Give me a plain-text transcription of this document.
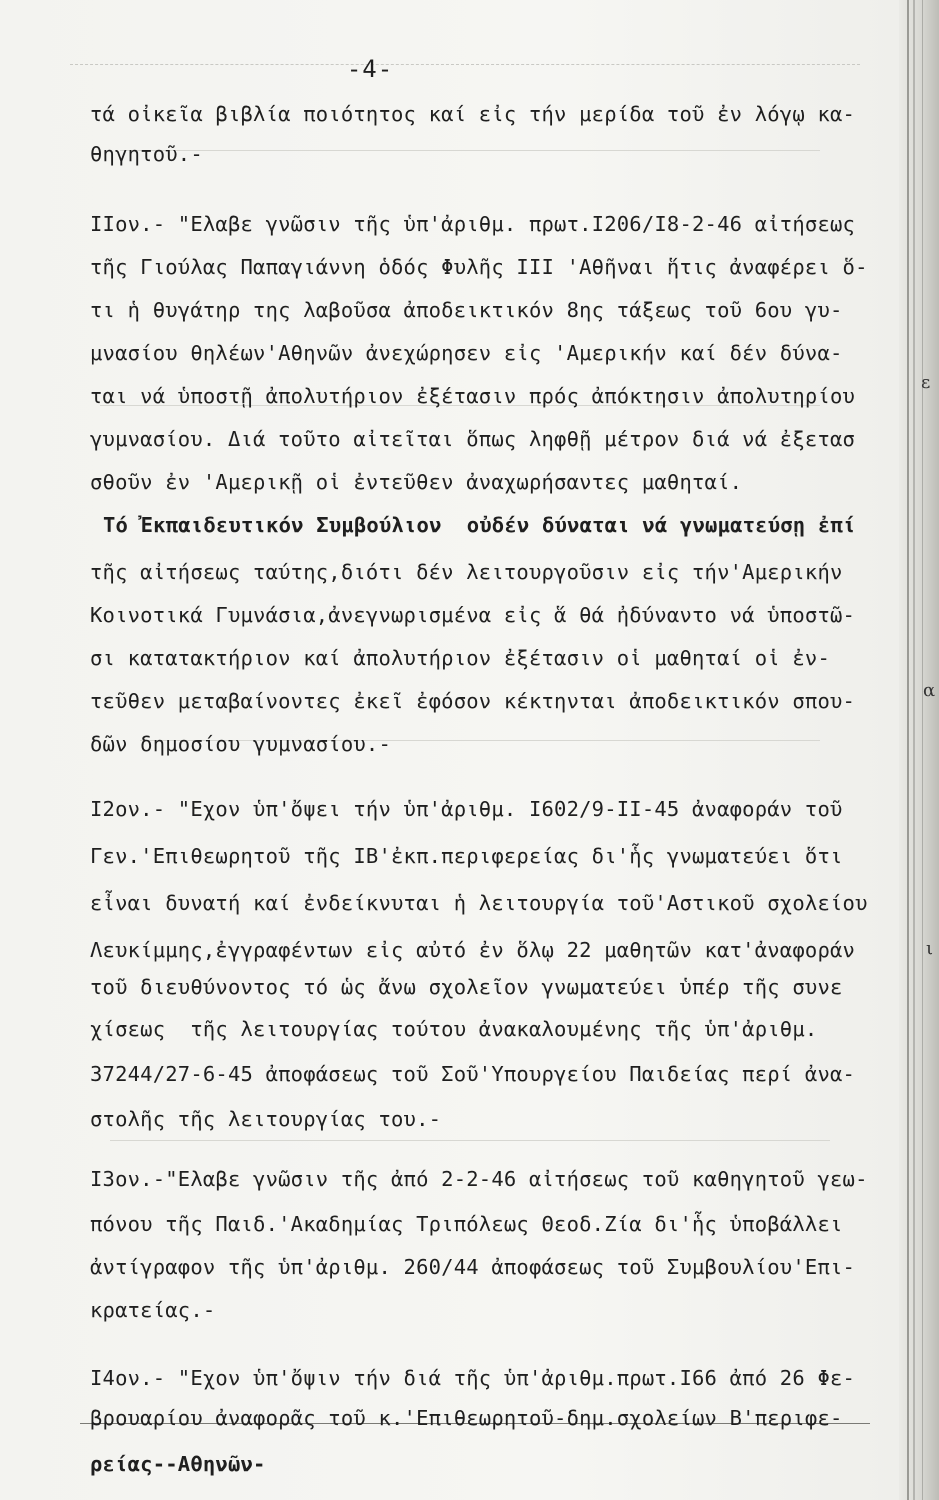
ε
α
ι
-4-

τά οἰκεῖα βιβλία ποιότητος καί εἰς τήν μερίδα τοῦ ἐν λόγῳ κα-

θηγητοῦ.-

IIον.- "Ελαβε γνῶσιν τῆς ὑπ'ἀριθμ. πρωτ.I206/I8-2-46 αἰτήσεως

τῆς Γιούλας Παπαγιάννη ὁδός Φυλῆς III 'Αθῆναι ἥτις ἀναφέρει ὅ-

τι ἡ θυγάτηρ της λαβοῦσα ἀποδεικτικόν 8ης τάξεως τοῦ 6ου γυ-

μνασίου θηλέων'Αθηνῶν ἀνεχώρησεν εἰς 'Αμερικήν καί δέν δύνα-

ται νά ὑποστῇ ἀπολυτήριον ἐξέτασιν πρός ἀπόκτησιν ἀπολυτηρίου

γυμνασίου. Διά τοῦτο αἰτεῖται ὅπως ληφθῇ μέτρον διά νά ἐξετασ

σθοῦν ἐν 'Αμερικῇ οἱ ἐντεῦθεν ἀναχωρήσαντες μαθηταί.

Τό Ἐκπαιδευτικόν Συμβούλιον  οὐδέν δύναται νά γνωματεύσῃ ἐπί

τῆς αἰτήσεως ταύτης,διότι δέν λειτουργοῦσιν εἰς τήν'Αμερικήν

Κοινοτικά Γυμνάσια,ἀνεγνωρισμένα εἰς ἅ θά ἠδύναντο νά ὑποστῶ-

σι κατατακτήριον καί ἀπολυτήριον ἐξέτασιν οἱ μαθηταί οἱ ἐν-

τεῦθεν μεταβαίνοντες ἐκεῖ ἐφόσον κέκτηνται ἀποδεικτικόν σπου-

δῶν δημοσίου γυμνασίου.-

I2ον.- "Εχον ὑπ'ὄψει τήν ὑπ'ἀριθμ. I602/9-II-45 ἀναφοράν τοῦ

Γεν.'Επιθεωρητοῦ τῆς ΙΒ'ἐκπ.περιφερείας δι'ἧς γνωματεύει ὅτι

εἶναι δυνατή καί ἐνδείκνυται ἡ λειτουργία τοῦ'Αστικοῦ σχολείου

Λευκίμμης,ἐγγραφέντων εἰς αὐτό ἐν ὅλῳ 22 μαθητῶν κατ'ἀναφοράν

τοῦ διευθύνοντος τό ὡς ἄνω σχολεῖον γνωματεύει ὑπέρ τῆς συνε

χίσεως  τῆς λειτουργίας τούτου ἀνακαλουμένης τῆς ὑπ'ἀριθμ.

37244/27-6-45 ἀποφάσεως τοῦ Σοῦ'Υπουργείου Παιδείας περί ἀνα-

στολῆς τῆς λειτουργίας του.-

I3ον.-"Ελαβε γνῶσιν τῆς ἀπό 2-2-46 αἰτήσεως τοῦ καθηγητοῦ γεω-

πόνου τῆς Παιδ.'Ακαδημίας Τριπόλεως Θεοδ.Ζία δι'ἧς ὑποβάλλει

ἀντίγραφον τῆς ὑπ'ἀριθμ. 260/44 ἀποφάσεως τοῦ Συμβουλίου'Επι-

κρατείας.-

I4ον.- "Εχον ὑπ'ὄψιν τήν διά τῆς ὑπ'ἀριθμ.πρωτ.I66 ἀπό 26 Φε-

βρουαρίου ἀναφορᾶς τοῦ κ.'Επιθεωρητοῦ-δημ.σχολείων Β'περιφε-

ρείας--Αθηνῶν-
